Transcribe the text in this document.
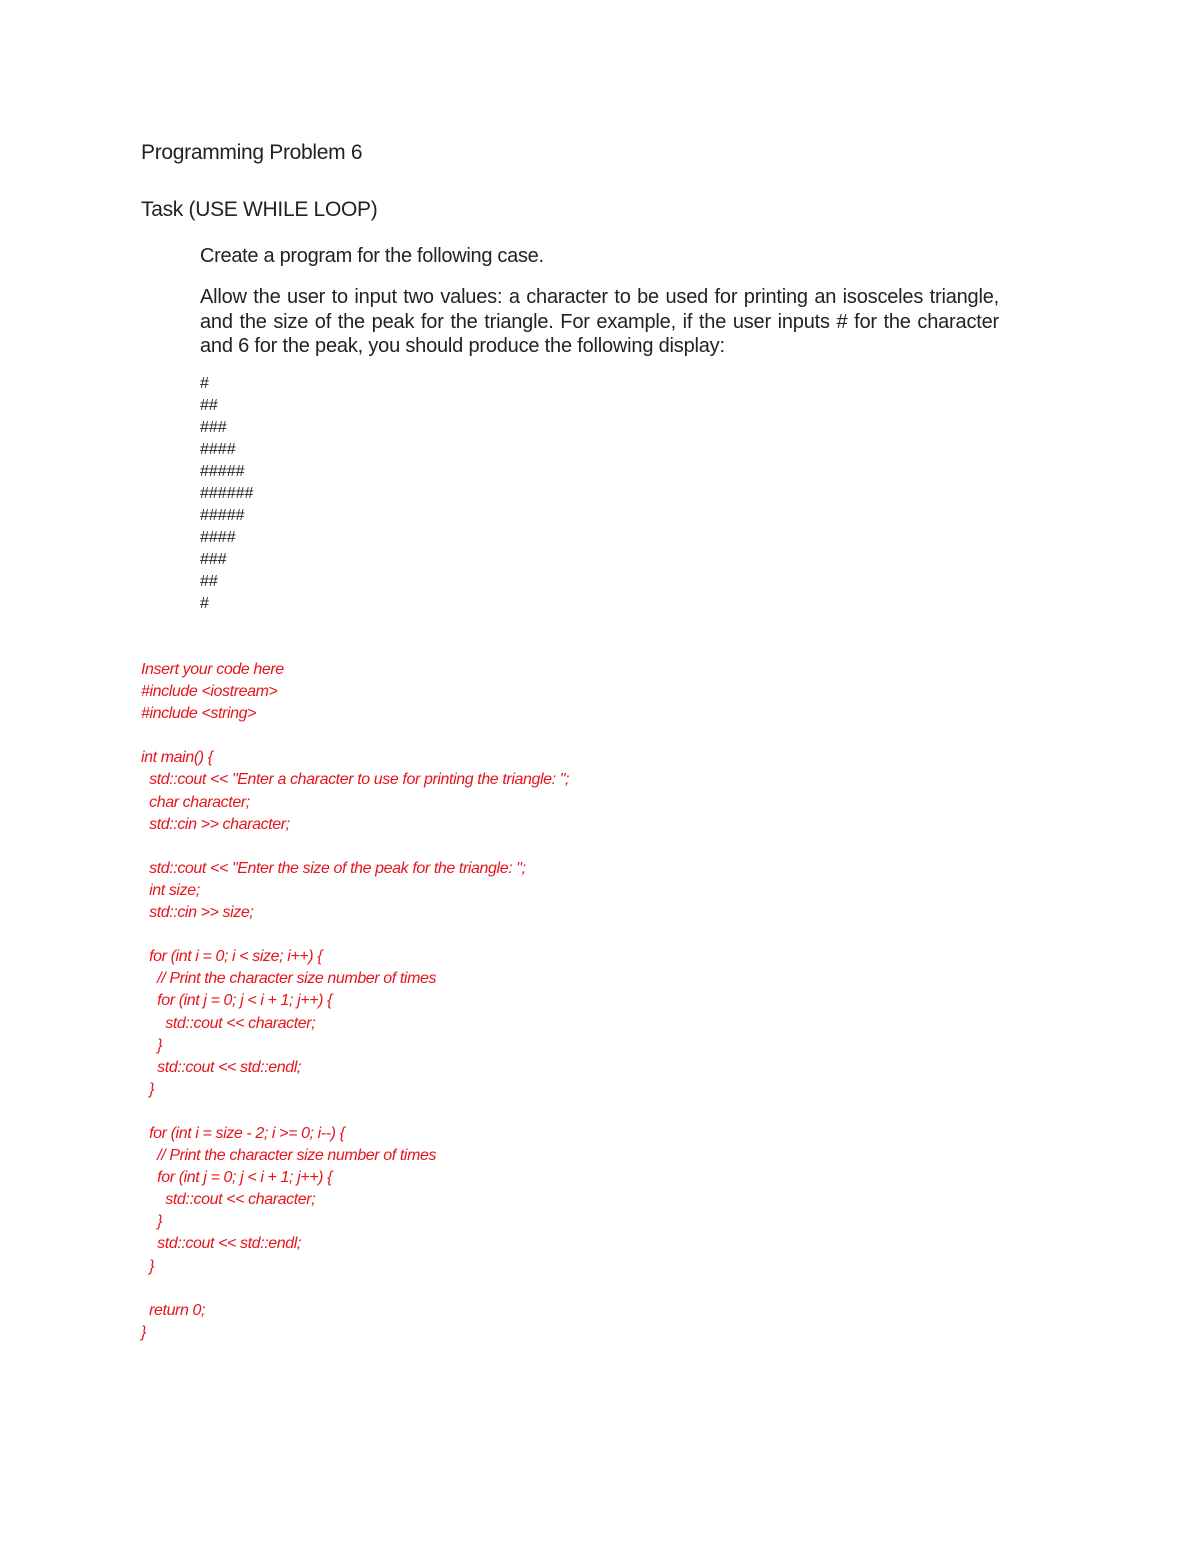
Programming Problem 6
Task (USE WHILE LOOP)
Create a program for the following case.
Allow the user to input two values: a character to be used for printing an isosceles triangle, and the size of the peak for the triangle. For example, if the user inputs # for the character and 6 for the peak, you should produce the following display:
#
##
###
####
#####
######
#####
####
###
##
#
Insert your code here
#include <iostream>
#include <string>
int main() {
std::cout << "Enter a character to use for printing the triangle: ";
char character;
std::cin >> character;
std::cout << "Enter the size of the peak for the triangle: ";
int size;
std::cin >> size;
for (int i = 0; i < size; i++) {
// Print the character size number of times
for (int j = 0; j < i + 1; j++) {
std::cout << character;
}
std::cout << std::endl;
}
for (int i = size - 2; i >= 0; i--) {
// Print the character size number of times
for (int j = 0; j < i + 1; j++) {
std::cout << character;
}
std::cout << std::endl;
}
return 0;
}
